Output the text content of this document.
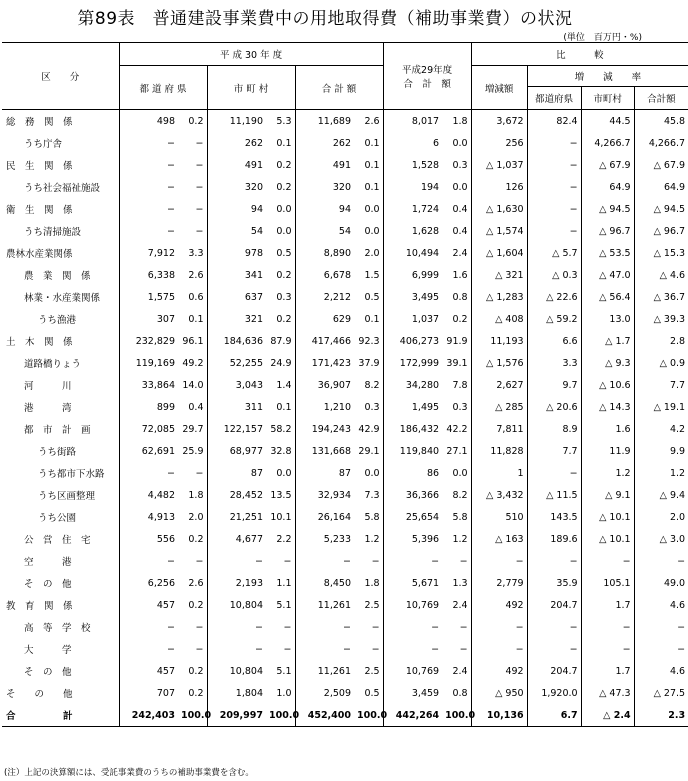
第89表　普通建設事業費中の用地取得費（補助事業費）の状況
(単位　百万円・%)
区　　分	平 成 30 年 度						平成29年度
合　計　額		比　　　較			
	都 道 府 県		市 町 村		合 計 額				増減額	増　　減　　率		
										都道府県	市町村	合計額
総　務　関　係	498	0.2	11,190	5.3	11,689	2.6	8,017	1.8	3,672	82.4	44.5	45.8
うち庁舎	−	−	262	0.1	262	0.1	6	0.0	256	−	4,266.7	4,266.7
民　生　関　係	−	−	491	0.2	491	0.1	1,528	0.3	△ 1,037	−	△ 67.9	△ 67.9
うち社会福祉施設	−	−	320	0.2	320	0.1	194	0.0	126	−	64.9	64.9
衛　生　関　係	−	−	94	0.0	94	0.0	1,724	0.4	△ 1,630	−	△ 94.5	△ 94.5
うち清掃施設	−	−	54	0.0	54	0.0	1,628	0.4	△ 1,574	−	△ 96.7	△ 96.7
農林水産業関係	7,912	3.3	978	0.5	8,890	2.0	10,494	2.4	△ 1,604	△ 5.7	△ 53.5	△ 15.3
農　業　関　係	6,338	2.6	341	0.2	6,678	1.5	6,999	1.6	△ 321	△ 0.3	△ 47.0	△ 4.6
林業・水産業関係	1,575	0.6	637	0.3	2,212	0.5	3,495	0.8	△ 1,283	△ 22.6	△ 56.4	△ 36.7
うち漁港	307	0.1	321	0.2	629	0.1	1,037	0.2	△ 408	△ 59.2	13.0	△ 39.3
土　木　関　係	232,829	96.1	184,636	87.9	417,466	92.3	406,273	91.9	11,193	6.6	△ 1.7	2.8
道路橋りょう	119,169	49.2	52,255	24.9	171,423	37.9	172,999	39.1	△ 1,576	3.3	△ 9.3	△ 0.9
河　　　川	33,864	14.0	3,043	1.4	36,907	8.2	34,280	7.8	2,627	9.7	△ 10.6	7.7
港　　　湾	899	0.4	311	0.1	1,210	0.3	1,495	0.3	△ 285	△ 20.6	△ 14.3	△ 19.1
都　市　計　画	72,085	29.7	122,157	58.2	194,243	42.9	186,432	42.2	7,811	8.9	1.6	4.2
うち街路	62,691	25.9	68,977	32.8	131,668	29.1	119,840	27.1	11,828	7.7	11.9	9.9
うち都市下水路	−	−	87	0.0	87	0.0	86	0.0	1	−	1.2	1.2
うち区画整理	4,482	1.8	28,452	13.5	32,934	7.3	36,366	8.2	△ 3,432	△ 11.5	△ 9.1	△ 9.4
うち公園	4,913	2.0	21,251	10.1	26,164	5.8	25,654	5.8	510	143.5	△ 10.1	2.0
公　営　住　宅	556	0.2	4,677	2.2	5,233	1.2	5,396	1.2	△ 163	189.6	△ 10.1	△ 3.0
空　　　港	−	−	−	−	−	−	−	−	−	−	−	−
そ　の　他	6,256	2.6	2,193	1.1	8,450	1.8	5,671	1.3	2,779	35.9	105.1	49.0
教　育　関　係	457	0.2	10,804	5.1	11,261	2.5	10,769	2.4	492	204.7	1.7	4.6
高　等　学　校	−	−	−	−	−	−	−	−	−	−	−	−
大　　　学	−	−	−	−	−	−	−	−	−	−	−	−
そ　の　他	457	0.2	10,804	5.1	11,261	2.5	10,769	2.4	492	204.7	1.7	4.6
そ　　の　　他	707	0.2	1,804	1.0	2,509	0.5	3,459	0.8	△ 950	1,920.0	△ 47.3	△ 27.5
合　　　　　計	242,403	100.0	209,997	100.0	452,400	100.0	442,264	100.0	10,136	6.7	△ 2.4	2.3
(注）上記の決算額には、受託事業費のうちの補助事業費を含む。
